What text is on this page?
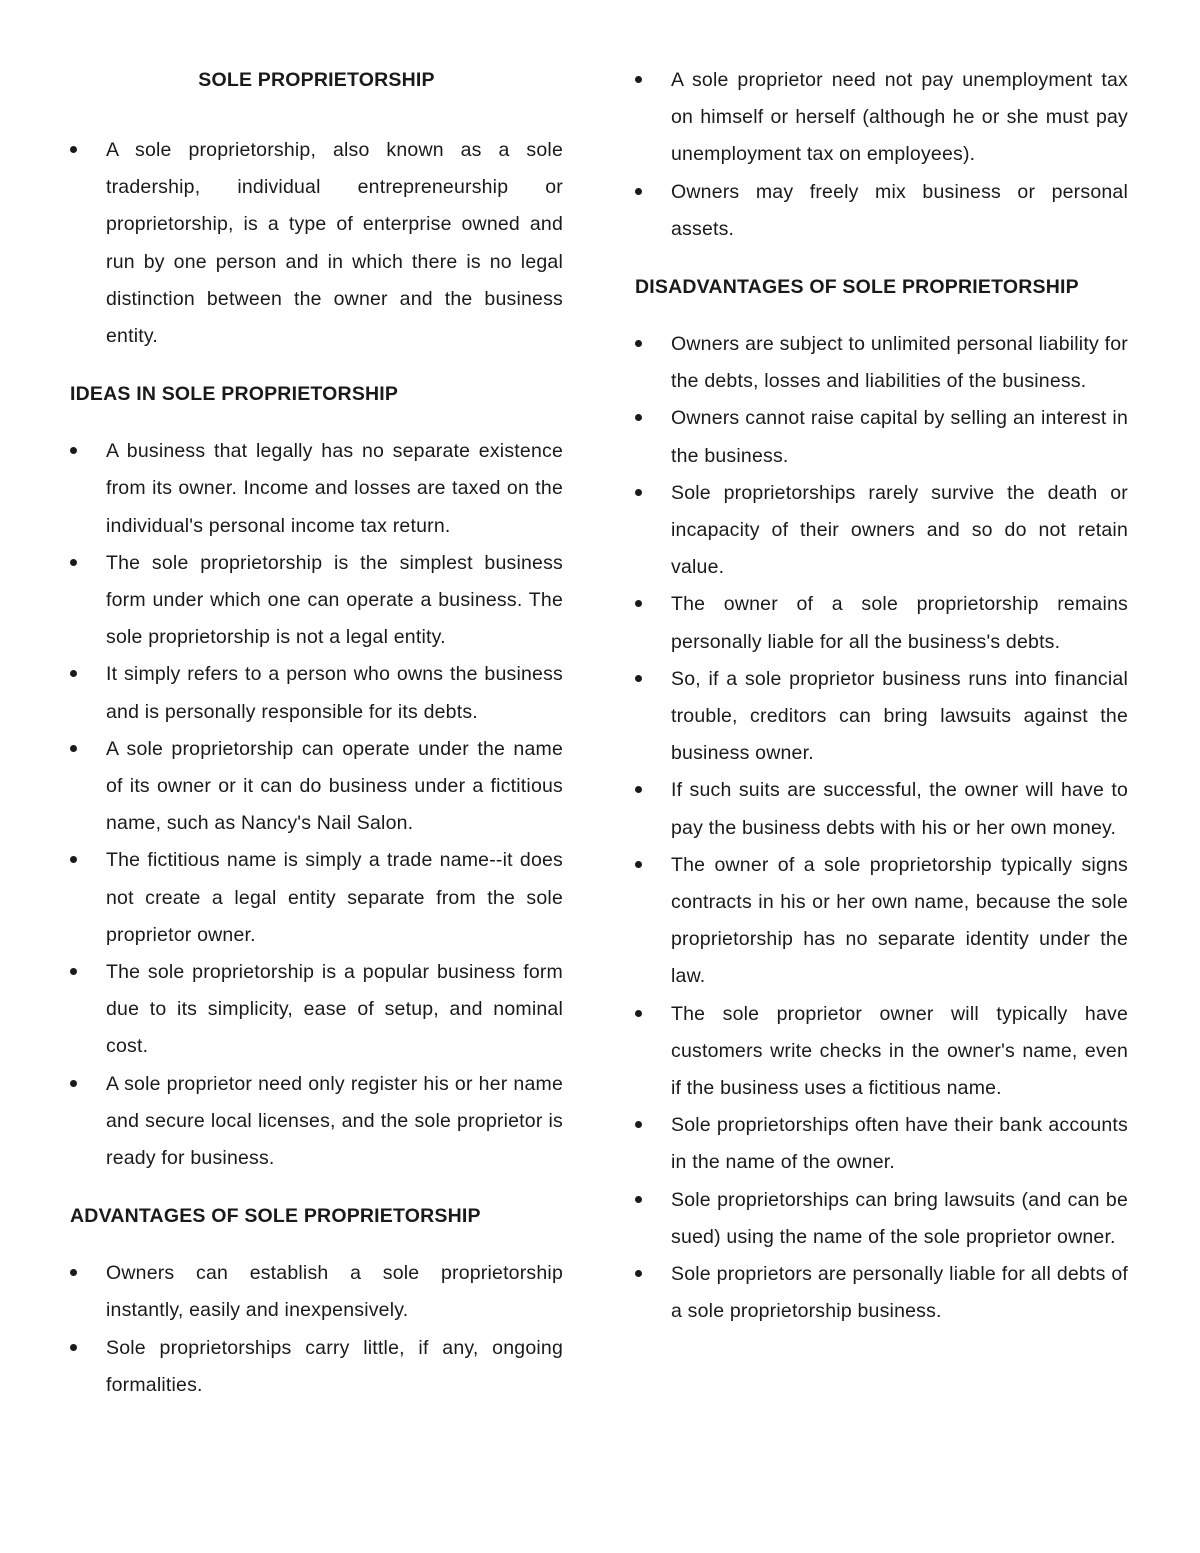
SOLE PROPRIETORSHIP
A sole proprietorship, also known as a sole tradership, individual entrepreneurship or proprietorship, is a type of enterprise owned and run by one person and in which there is no legal distinction between the owner and the business entity.
IDEAS IN SOLE PROPRIETORSHIP
A business that legally has no separate existence from its owner. Income and losses are taxed on the individual's personal income tax return.
The sole proprietorship is the simplest business form under which one can operate a business. The sole proprietorship is not a legal entity.
It simply refers to a person who owns the business and is personally responsible for its debts.
A sole proprietorship can operate under the name of its owner or it can do business under a fictitious name, such as Nancy's Nail Salon.
The fictitious name is simply a trade name--it does not create a legal entity separate from the sole proprietor owner.
The sole proprietorship is a popular business form due to its simplicity, ease of setup, and nominal cost.
A sole proprietor need only register his or her name and secure local licenses, and the sole proprietor is ready for business.
ADVANTAGES OF SOLE PROPRIETORSHIP
Owners can establish a sole proprietorship instantly, easily and inexpensively.
Sole proprietorships carry little, if any, ongoing formalities.
A sole proprietor need not pay unemployment tax on himself or herself (although he or she must pay unemployment tax on employees).
Owners may freely mix business or personal assets.
DISADVANTAGES OF SOLE PROPRIETORSHIP
Owners are subject to unlimited personal liability for the debts, losses and liabilities of the business.
Owners cannot raise capital by selling an interest in the business.
Sole proprietorships rarely survive the death or incapacity of their owners and so do not retain value.
The owner of a sole proprietorship remains personally liable for all the business's debts.
So, if a sole proprietor business runs into financial trouble, creditors can bring lawsuits against the business owner.
If such suits are successful, the owner will have to pay the business debts with his or her own money.
The owner of a sole proprietorship typically signs contracts in his or her own name, because the sole proprietorship has no separate identity under the law.
The sole proprietor owner will typically have customers write checks in the owner's name, even if the business uses a fictitious name.
Sole proprietorships often have their bank accounts in the name of the owner.
Sole proprietorships can bring lawsuits (and can be sued) using the name of the sole proprietor owner.
Sole proprietors are personally liable for all debts of a sole proprietorship business.
